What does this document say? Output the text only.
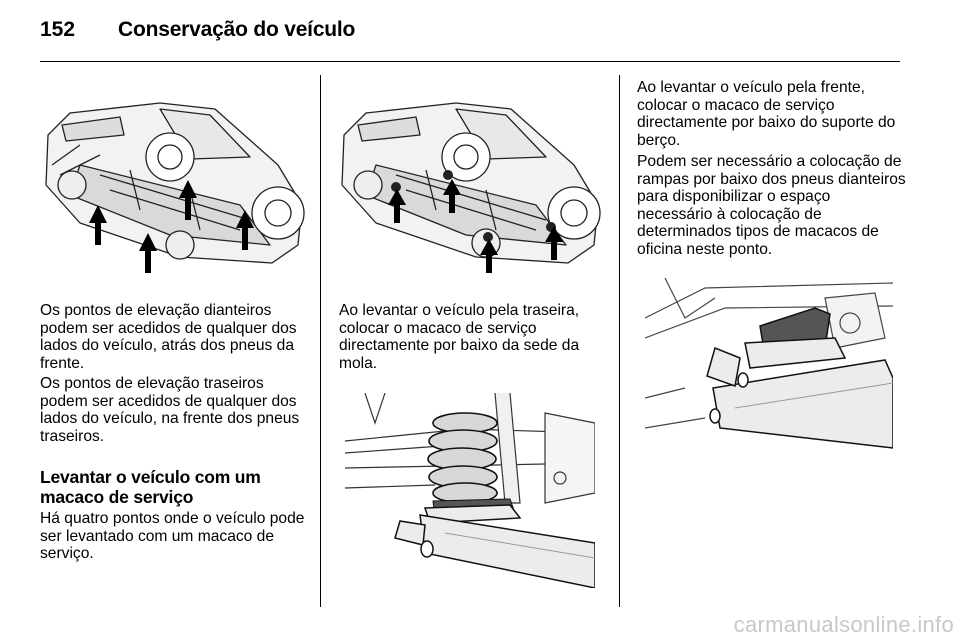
152 Conservação do veículo

Os pontos de elevação dianteiros podem ser acedidos de qualquer dos lados do veículo, atrás dos pneus da frente.

Os pontos de elevação traseiros podem ser acedidos de qualquer dos lados do veículo, na frente dos pneus traseiros.

Levantar o veículo com um macaco de serviço

Há quatro pontos onde o veículo pode ser levantado com um macaco de serviço.

Ao levantar o veículo pela traseira, colocar o macaco de serviço directamente por baixo da sede da mola.

Ao levantar o veículo pela frente, colocar o macaco de serviço directamente por baixo do suporte do berço.

Podem ser necessário a colocação de rampas por baixo dos pneus dianteiros para disponibilizar o espaço necessário à colocação de determinados tipos de macacos de oficina neste ponto.

carmanualsonline.info
